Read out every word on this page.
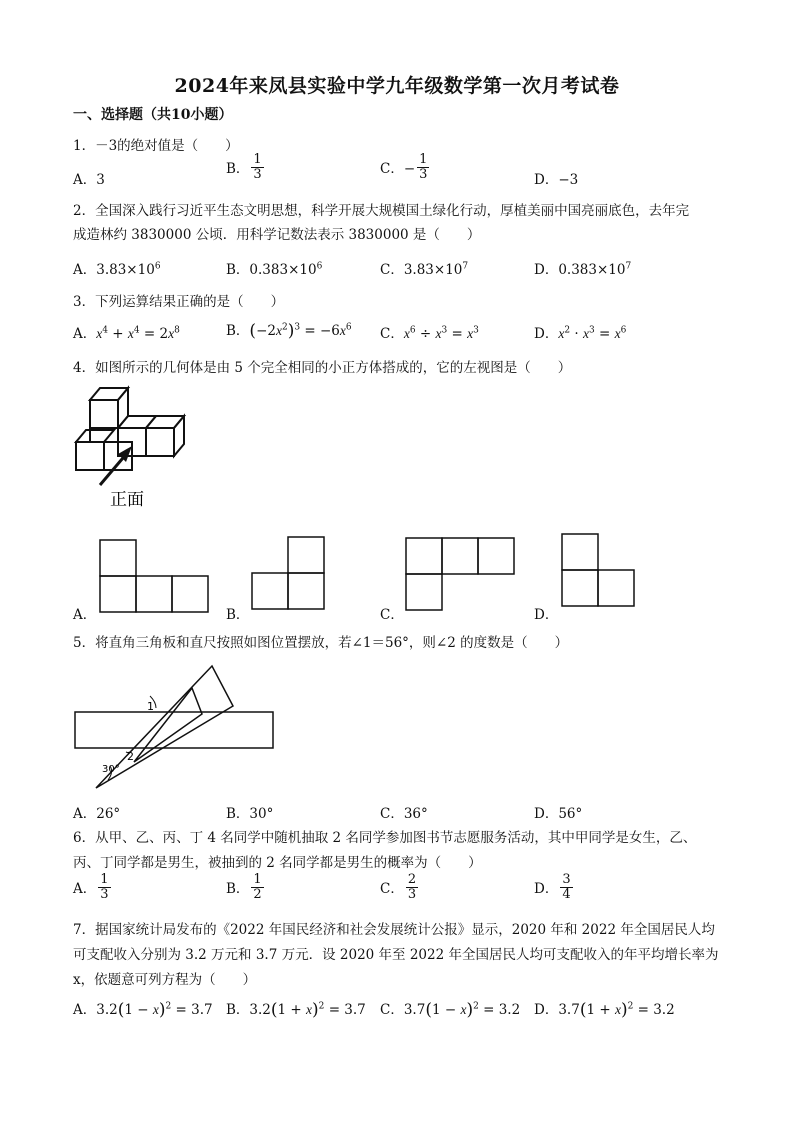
2024年来凤县实验中学九年级数学第一次月考试卷
一、选择题（共10小题）
1．－3的绝对值是（　　）
A．3
B． $\frac{1}{3}$	C．− $\frac{1}{3}$	D．−3
2．全国深入践行习近平生态文明思想，科学开展大规模国土绿化行动，厚植美丽中国亮丽底色，去年完
成造林约 3830000 公顷．用科学记数法表示 3830000 是（　　）
A．$3.83\times 10^6$	B．$0.383\times 10^6$	C．$3.83\times 10^7$	D．$0.383\times 10^7$
3．下列运算结果正确的是（　　）
A．$x^4 + x^4 = 2x^8$	B．$(-2x^2)^3 = -6x^6$ C．$x^6 \div x^3 = x^3$	D．$x^2 \cdot x^3 = x^6$
4．如图所示的几何体是由 5 个完全相同的小正方体搭成的，它的左视图是（　　）
正面
A．	B．	C．	D．
5．将直角三角板和直尺按照如图位置摆放，若∠1＝56°，则∠2 的度数是（　　）
1
2
30°
A．26°	B．30°	C．36°	D．56°
6．从甲、乙、丙、丁 4 名同学中随机抽取 2 名同学参加图书节志愿服务活动，其中甲同学是女生，乙、
丙、丁同学都是男生，被抽到的 2 名同学都是男生的概率为（　　）
A． $\frac{1}{3}$	B． $\frac{1}{2}$	C． $\frac{2}{3}$	D． $\frac{3}{4}$
7．据国家统计局发布的《2022 年国民经济和社会发展统计公报》显示，2020 年和 2022 年全国居民人均
可支配收入分别为 3.2 万元和 3.7 万元．设 2020 年至 2022 年全国居民人均可支配收入的年平均增长率为
x，依题意可列方程为（　　）
A．$3.2(1 - x)^2 = 3.7$ B．$3.2(1 + x)^2 = 3.7$ C．$3.7(1 - x)^2 = 3.2$ D．$3.7(1 + x)^2 = 3.2$
